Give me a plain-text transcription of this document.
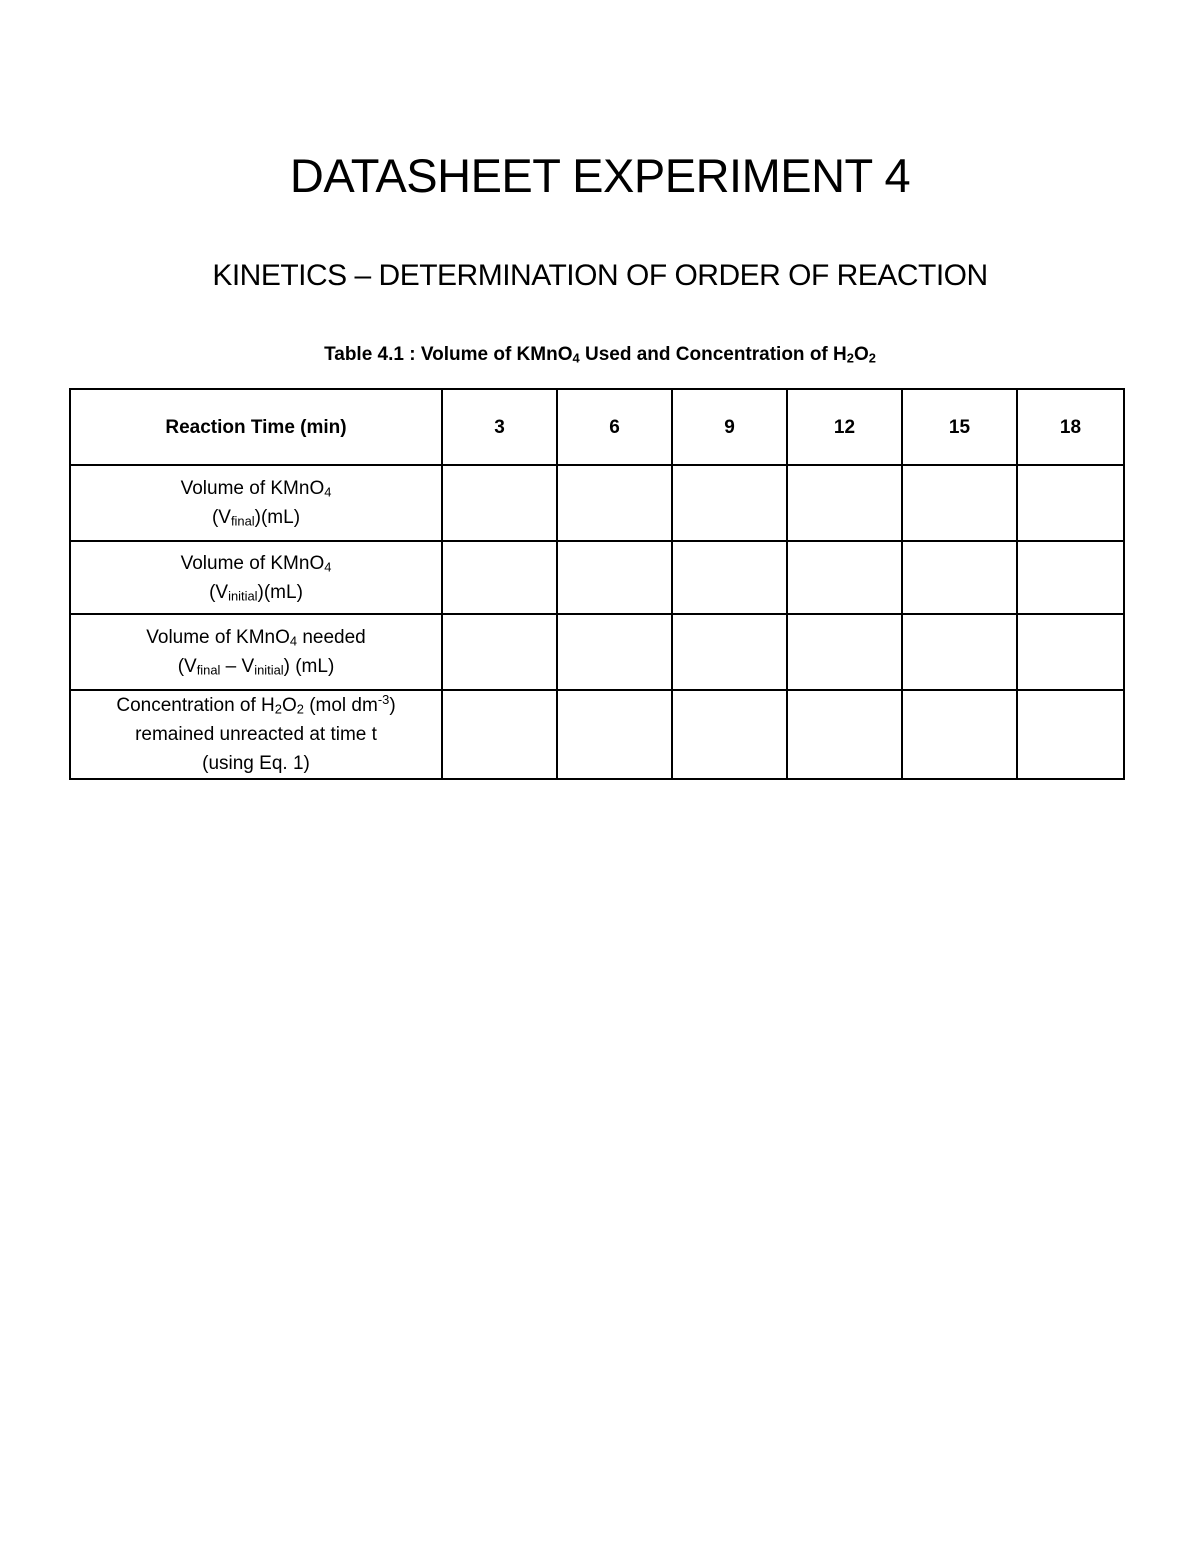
DATASHEET EXPERIMENT 4
KINETICS – DETERMINATION OF ORDER OF REACTION
Table 4.1 : Volume of KMnO$_4$ Used and Concentration of $H_2O_2$
Reaction Time (min)	3	6	9	12	15	18

Volume of KMnO$_4$
$(V_{final})(mL)$						

Volume of KMnO$_4$
$(V_{initial})(mL)$						

Volume of KMnO$_4$ needed
$(V_{final} - V_{initial})$ (mL)						

Concentration of $H_2O_2$ (mol $dm^{-3}$)
remained unreacted at time t
(using Eq. 1)						
